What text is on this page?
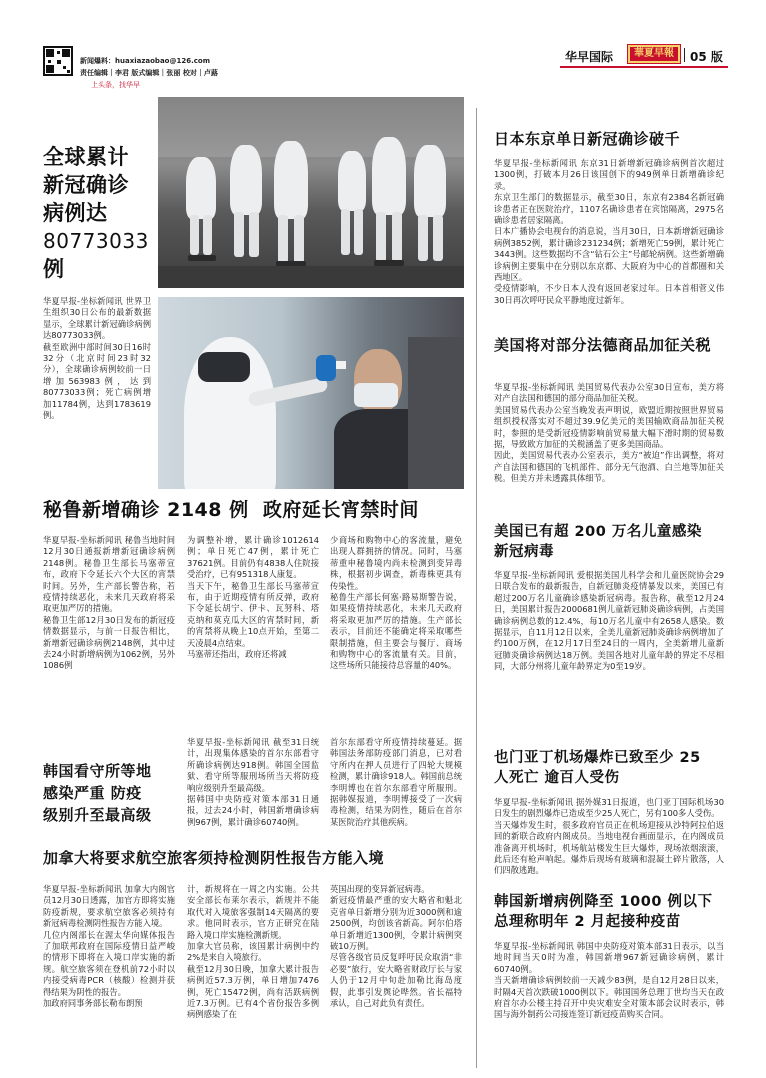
新闻爆料：huaxiazaobao@126.com
责任编辑｜李君 版式编辑｜张丽 校对｜卢蕗
上头条，找华早
华早国际	華夏早報	05 版
全球累计
新冠确诊
病例达
80773033
例
华夏早报-坐标新闻讯 世界卫生组织30日公布的最新数据显示，全球累计新冠确诊病例达80773033例。
截至欧洲中部时间30日16时32分（北京时间23时32分），全球确诊病例较前一日增加563983例，达到80773033例；死亡病例增加11784例，达到1783619例。
日本东京单日新冠确诊破千
华夏早报-坐标新闻讯 东京31日新增新冠确诊病例首次超过1300例，打破本月26日该国创下的949例单日新增确诊纪录。
东京卫生部门的数据显示，截至30日，东京有2384名新冠确诊患者正在医院治疗，1107名确诊患者在宾馆隔离，2975名确诊患者居家隔离。
日本广播协会电视台的消息说，当月30日，日本新增新冠确诊病例3852例，累计确诊231234例；新增死亡59例，累计死亡3443例。这些数据均不含“钻石公主”号邮轮病例。这些新增确诊病例主要集中在分别以东京都、大阪府为中心的首都圈和关西地区。
受疫情影响，不少日本人没有返回老家过年。日本首相菅义伟30日再次呼吁民众平静地度过新年。
美国将对部分法德商品加征关税
华夏早报-坐标新闻讯 美国贸易代表办公室30日宣布，美方将对产自法国和德国的部分商品加征关税。
美国贸易代表办公室当晚发表声明说，欧盟近期按照世界贸易组织授权落实对不超过39.9亿美元的美国输欧商品加征关税时，参照的是受新冠疫情影响前贸易量大幅下滑时期的贸易数据，导致欧方加征的关税涵盖了更多美国商品。
因此，美国贸易代表办公室表示，美方“被迫”作出调整，将对产自法国和德国的飞机部件、部分无气泡酒、白兰地等加征关税。但美方并未透露具体细节。
美国已有超 200 万名儿童感染
新冠病毒
华夏早报-坐标新闻讯 爱根据美国儿科学会和儿童医院协会29日联合发布的最新报告，自新冠肺炎疫情暴发以来，美国已有超过200万名儿童确诊感染新冠病毒。报告称，截至12月24日，美国累计报告2000681例儿童新冠肺炎确诊病例，占美国确诊病例总数的12.4%，每10万名儿童中有2658人感染。数据显示，自11月12日以来，全美儿童新冠肺炎确诊病例增加了约100万例，在12月17日至24日的一周内，全美新增儿童新冠肺炎确诊病例达18万例。美国各地对儿童年龄的界定不尽相同，大部分州将儿童年龄界定为0至19岁。
也门亚丁机场爆炸已致至少 25
人死亡 逾百人受伤
华夏早报-坐标新闻讯 据外媒31日报道，也门亚丁国际机场30日发生的剧烈爆炸已造成至少25人死亡，另有100多人受伤。
当天爆炸发生时，很多政府官员正在机场迎接从沙特阿拉伯返回的新联合政府内阁成员。当地电视台画面显示，在内阁成员准备离开机场时，机场航站楼发生巨大爆炸，现场浓烟滚滚，此后还有枪声响起。爆炸后现场有玻璃和混凝土碎片散落，人们四散逃跑。
韩国新增病例降至 1000 例以下
总理称明年 2 月起接种疫苗
华夏早报-坐标新闻讯 韩国中央防疫对策本部31日表示，以当地时间当天0时为准，韩国新增967新冠确诊病例，累计60740例。
当天新增确诊病例较前一天减少83例，是自12月28日以来，时隔4天首次跌破1000例以下。韩国国务总理丁世均当天在政府首尔办公楼主持召开中央灾难安全对策本部会议时表示，韩国与海外制药公司接连签订新冠疫苗购买合同。
秘鲁新增确诊 2148 例  政府延长宵禁时间
华夏早报-坐标新闻讯 秘鲁当地时间12月30日通报新增新冠确诊病例2148例。秘鲁卫生部长马塞蒂宣布，政府下令延长六个大区的宵禁时间。另外，生产部长警告称，若疫情持续恶化，未来几天政府将采取更加严厉的措施。
秘鲁卫生部12月30日发布的新冠疫情数据显示，与前一日报告相比，新增新冠确诊病例2148例，其中过去24小时新增病例为1062例，另外1086例
为调整补增，累计确诊1012614例；单日死亡47例，累计死亡37621例。目前仍有4838人住院接受治疗，已有951318人康复。
当天下午，秘鲁卫生部长马塞蒂宣布，由于近期疫情有所反弹，政府下令延长胡宁、伊卡、瓦努科、塔克纳和莫克瓜大区的宵禁时间，新的宵禁将从晚上10点开始，至第二天凌晨4点结束。
马塞蒂还指出，政府还将减
少商场和购物中心的客流量，避免出现人群拥挤的情况。同时，马塞蒂重申秘鲁境内尚未检测到变异毒株，根据初步调查，新毒株更具有传染性。
秘鲁生产部长何塞·路易斯警告说，如果疫情持续恶化，未来几天政府将采取更加严厉的措施。生产部长表示，目前还不能确定将采取哪些限制措施，但主要会与餐厅、商场和购物中心的客流量有关。目前，这些场所只能接待总容量的40%。
韩国看守所等地
感染严重 防疫
级别升至最高级
华夏早报-坐标新闻讯 截至31日统计，出现集体感染的首尔东部看守所确诊病例达918例。韩国全国监狱、看守所等服刑场所当天将防疫响应级别升至最高级。
据韩国中央防疫对策本部31日通报，过去24小时，韩国新增确诊病例967例，累计确诊60740例。
首尔东部看守所疫情持续蔓延。据韩国法务部防疫部门消息，已对看守所内在押人员进行了四轮大规模检测，累计确诊918人。韩国前总统李明博也在首尔东部看守所服刑。据韩媒报道，李明博接受了一次病毒检测，结果为阴性，随后在首尔某医院治疗其他疾病。
加拿大将要求航空旅客须持检测阴性报告方能入境
华夏早报-坐标新闻讯 加拿大内阁官员12月30日透露，加官方即将实施防疫新规，要求航空旅客必须持有新冠病毒检测阴性报告方能入境。
几位内阁部长在渥太华向媒体报告了加联邦政府在国际疫情日益严峻的情形下即将在入境口岸实施的新规。航空旅客须在登机前72小时以内接受病毒PCR（核酸）检测并获得结果为阴性的报告。
加政府同事务部长勒布朗预
计，新规将在一周之内实施。公共安全部长布莱尔表示，新规并不能取代对入境旅客强制14天隔离的要求。他同时表示，官方正研究在陆路入境口岸实施检测新规。
加拿大官员称，该国累计病例中约2%是来自入境旅行。
截至12月30日晚，加拿大累计报告病例近57.3万例，单日增加7476例，死亡15472例，尚有活跃病例近7.3万例。已有4个省份报告多例病例感染了在
英国出现的变异新冠病毒。
新冠疫情最严重的安大略省和魁北克省单日新增分别为近3000例和逾2500例，均创该省新高。阿尔伯塔单日新增近1300例，令累计病例突破10万例。
尽管各级官员反复呼吁民众取消“非必要”旅行，安大略省财政厅长与家人仍于12月中旬赴加勒比海岛度假，此事引发舆论哗然。省长福特承认，自己对此负有责任。
